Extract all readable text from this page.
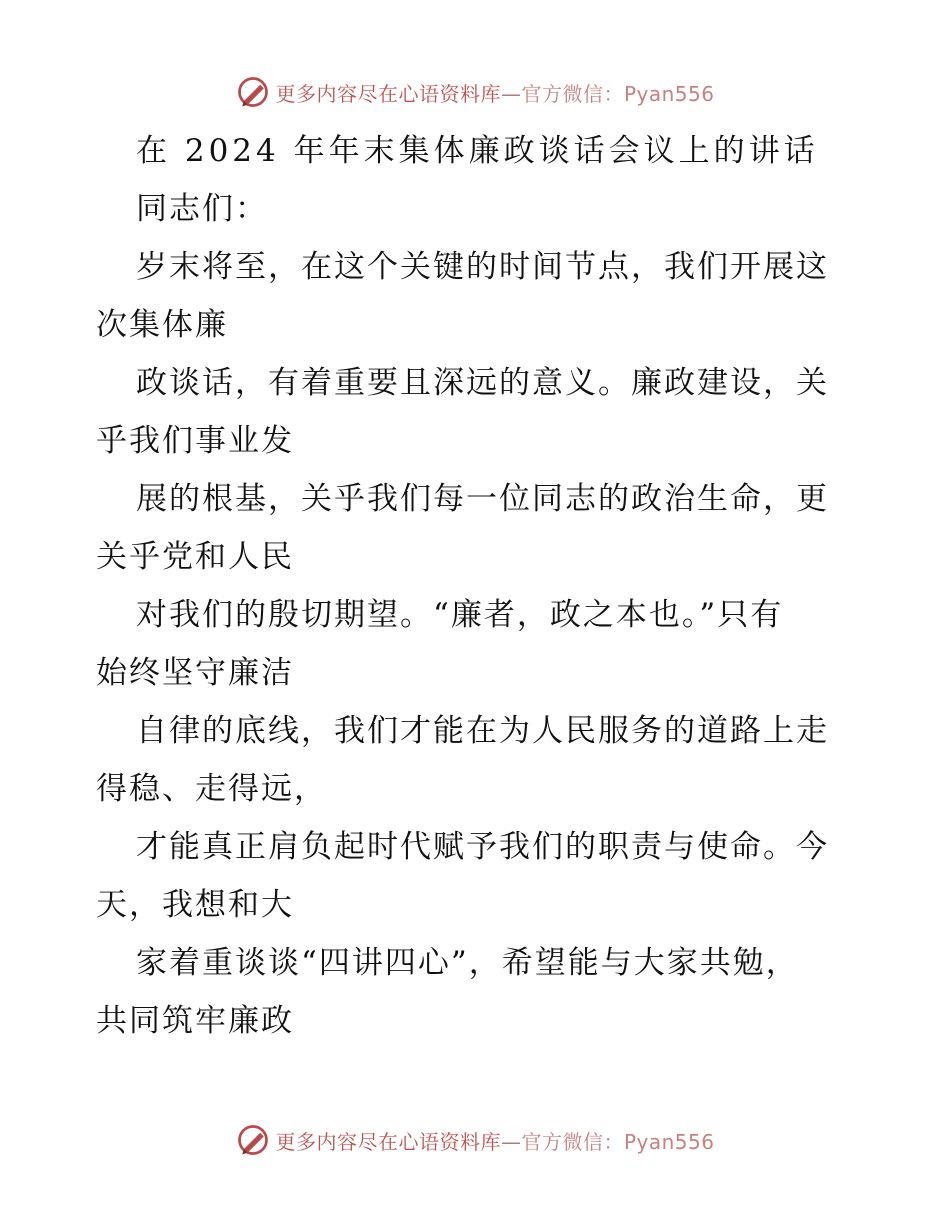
更多内容尽在心语资料库—官方微信：Pyan556
在 2024 年年末集体廉政谈话会议上的讲话
同志们：
岁末将至，在这个关键的时间节点，我们开展这
次集体廉
政谈话，有着重要且深远的意义。廉政建设，关
乎我们事业发
展的根基，关乎我们每一位同志的政治生命，更
关乎党和人民
对我们的殷切期望。“廉者，政之本也。”只有
始终坚守廉洁
自律的底线，我们才能在为人民服务的道路上走
得稳、走得远，
才能真正肩负起时代赋予我们的职责与使命。今
天，我想和大
家着重谈谈“四讲四心”，希望能与大家共勉，
共同筑牢廉政
更多内容尽在心语资料库—官方微信：Pyan556
